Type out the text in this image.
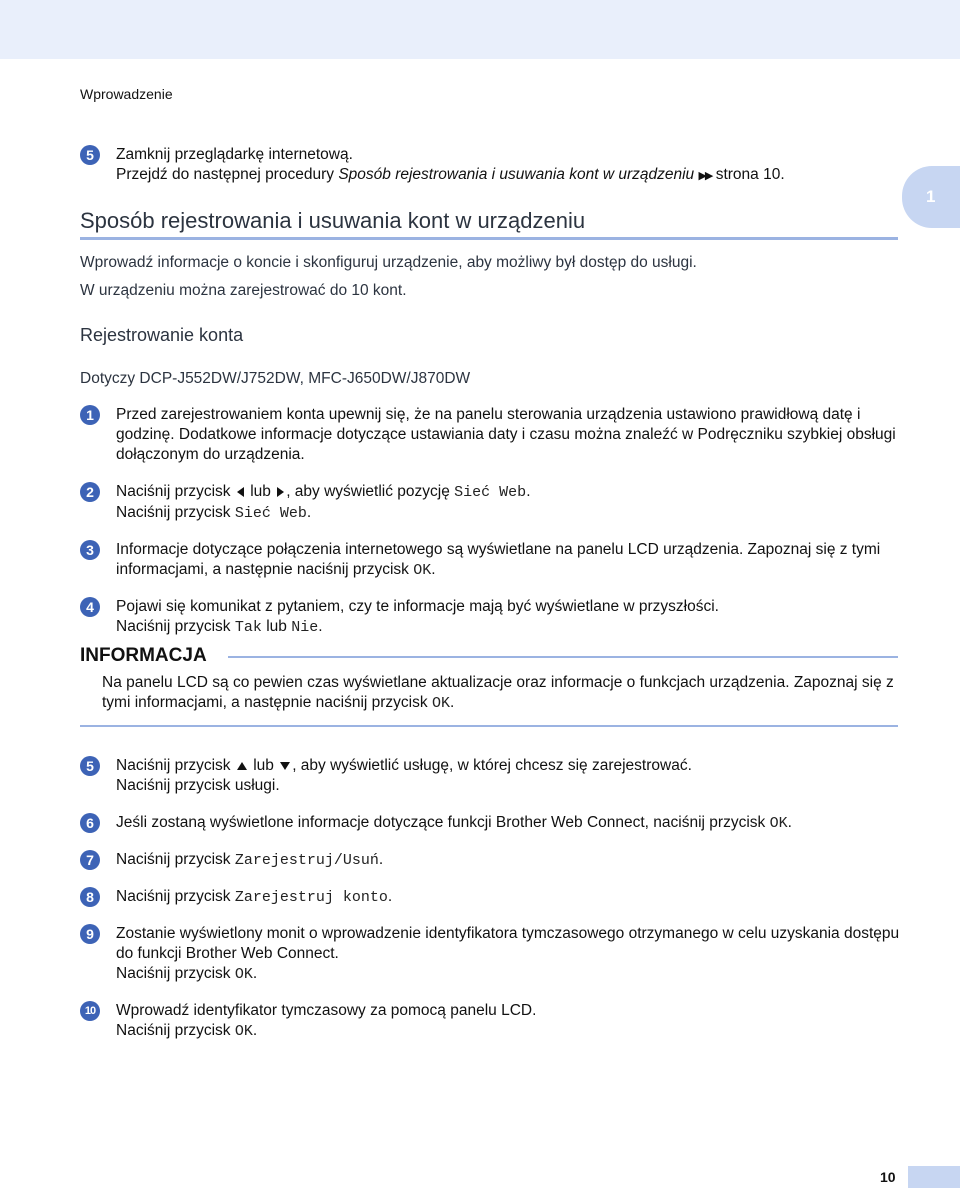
Wprowadzenie
5	Zamknij przeglądarkę internetową.
Przejdź do następnej procedury Sposób rejestrowania i usuwania kont w urządzeniu ▶▶ strona 10.
1
Sposób rejestrowania i usuwania kont w urządzeniu
Wprowadź informacje o koncie i skonfiguruj urządzenie, aby możliwy był dostęp do usługi.
W urządzeniu można zarejestrować do 10 kont.
Rejestrowanie konta
Dotyczy DCP-J552DW/J752DW, MFC-J650DW/J870DW
1	Przed zarejestrowaniem konta upewnij się, że na panelu sterowania urządzenia ustawiono prawidłową datę i godzinę. Dodatkowe informacje dotyczące ustawiania daty i czasu można znaleźć w Podręczniku szybkiej obsługi dołączonym do urządzenia.
2	Naciśnij przycisk lub , aby wyświetlić pozycję Sieć Web.
Naciśnij przycisk Sieć Web.
3	Informacje dotyczące połączenia internetowego są wyświetlane na panelu LCD urządzenia. Zapoznaj się z tymi informacjami, a następnie naciśnij przycisk OK.
4	Pojawi się komunikat z pytaniem, czy te informacje mają być wyświetlane w przyszłości.
Naciśnij przycisk Tak lub Nie.
INFORMACJA
Na panelu LCD są co pewien czas wyświetlane aktualizacje oraz informacje o funkcjach urządzenia. Zapoznaj się z tymi informacjami, a następnie naciśnij przycisk OK.
5	Naciśnij przycisk lub , aby wyświetlić usługę, w której chcesz się zarejestrować.
Naciśnij przycisk usługi.
6	Jeśli zostaną wyświetlone informacje dotyczące funkcji Brother Web Connect, naciśnij przycisk OK.
7	Naciśnij przycisk Zarejestruj/Usuń.
8	Naciśnij przycisk Zarejestruj konto.
9	Zostanie wyświetlony monit o wprowadzenie identyfikatora tymczasowego otrzymanego w celu uzyskania dostępu do funkcji Brother Web Connect.
Naciśnij przycisk OK.
10	Wprowadź identyfikator tymczasowy za pomocą panelu LCD.
Naciśnij przycisk OK.
10
